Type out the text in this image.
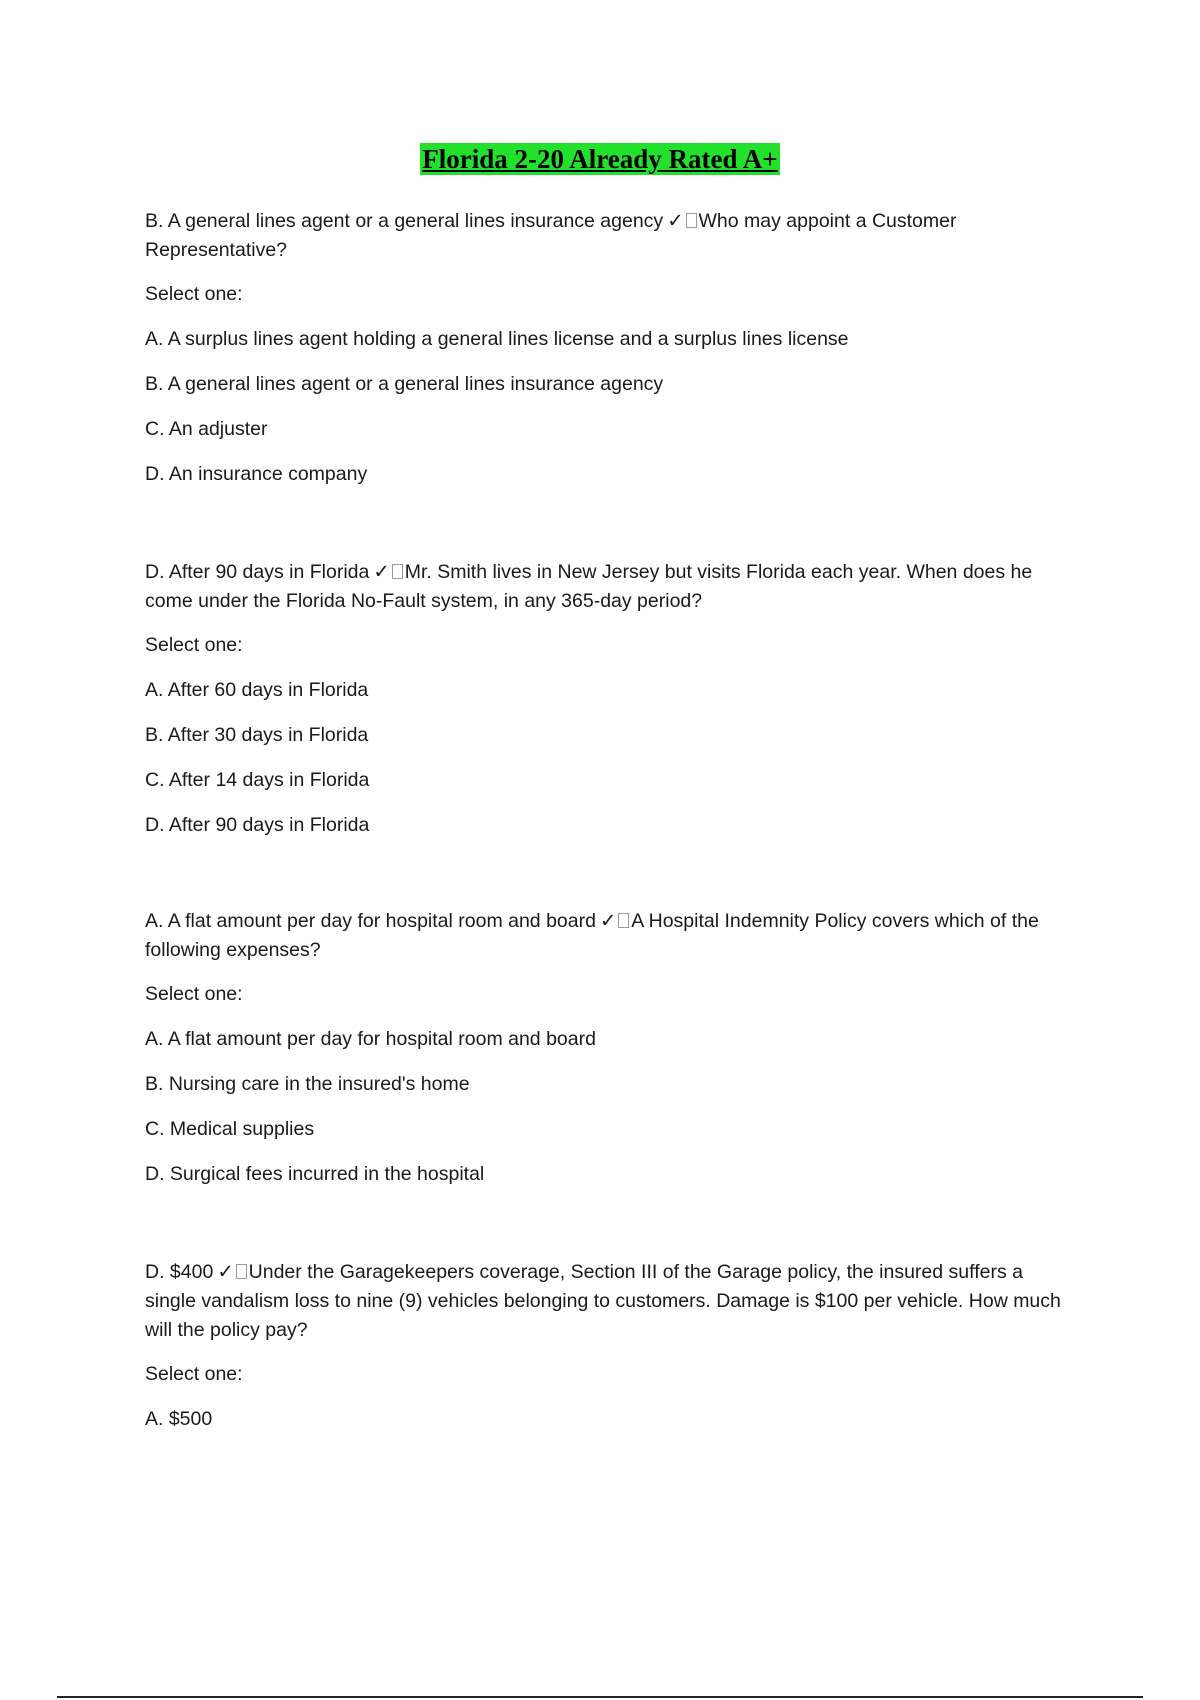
Florida 2-20 Already Rated A+

B. A general lines agent or a general lines insurance agency ✓ Who may appoint a Customer Representative?

Select one:

A. A surplus lines agent holding a general lines license and a surplus lines license

B. A general lines agent or a general lines insurance agency

C. An adjuster

D. An insurance company

D. After 90 days in Florida ✓ Mr. Smith lives in New Jersey but visits Florida each year. When does he come under the Florida No-Fault system, in any 365-day period?

Select one:

A. After 60 days in Florida

B. After 30 days in Florida

C. After 14 days in Florida

D. After 90 days in Florida

A. A flat amount per day for hospital room and board ✓ A Hospital Indemnity Policy covers which of the following expenses?

Select one:

A. A flat amount per day for hospital room and board

B. Nursing care in the insured's home

C. Medical supplies

D. Surgical fees incurred in the hospital

D. $400 ✓ Under the Garagekeepers coverage, Section III of the Garage policy, the insured suffers a single vandalism loss to nine (9) vehicles belonging to customers. Damage is $100 per vehicle. How much will the policy pay?

Select one:

A. $500
